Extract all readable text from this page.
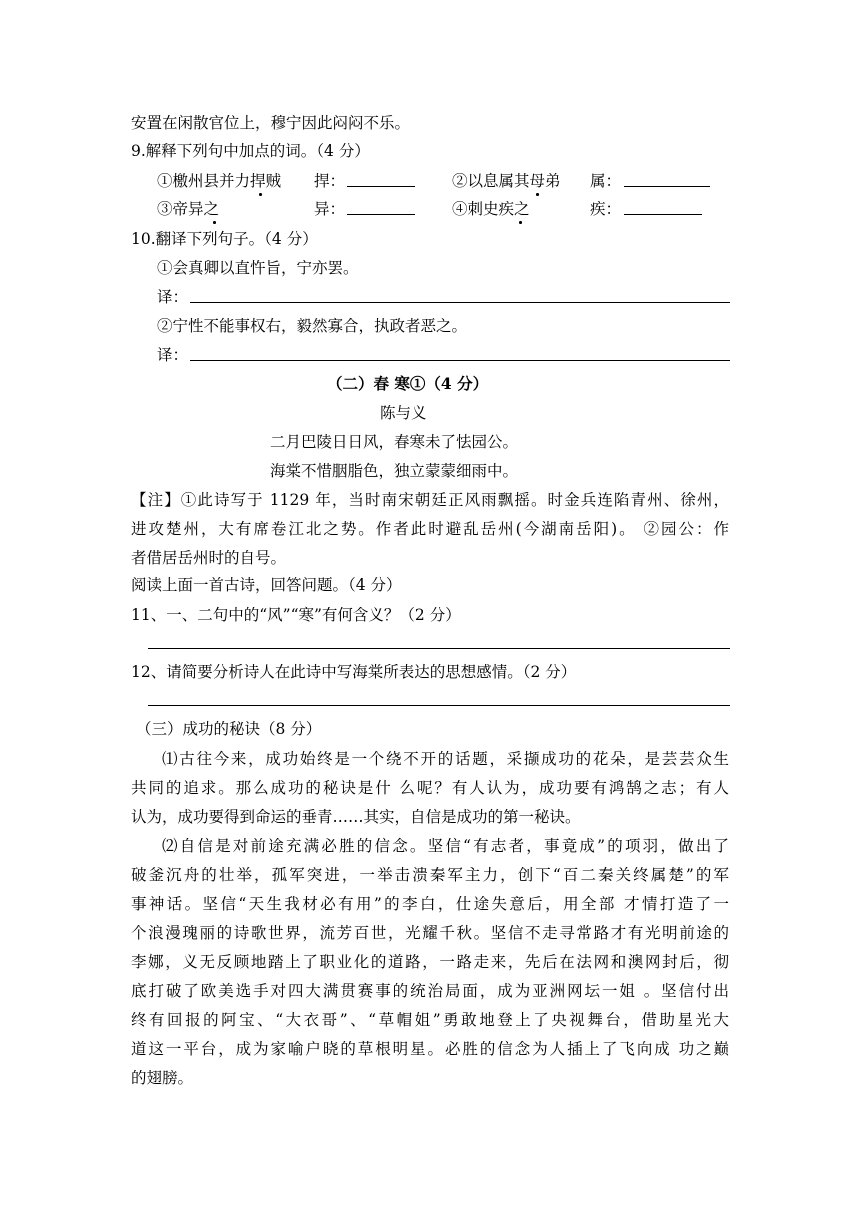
安置在闲散官位上，穆宁因此闷闷不乐。
9.解释下列句中加点的词。（4 分）
①檄州县并力捍贼 捍：	②以息属其母弟 属：
③帝异之	异：	④刺史疾之	疾：
10.翻译下列句子。（4 分）
①会真卿以直忤旨，宁亦罢。
译：
②宁性不能事权右，毅然寡合，执政者恶之。
译：
（二）春 寒①（4 分）
陈与义
二月巴陵日日风，春寒未了怯园公。
海棠不惜胭脂色，独立蒙蒙细雨中。
【注】①此诗写于 1129 年，当时南宋朝廷正风雨飘摇。时金兵连陷青州、徐州，
进攻楚州，大有席卷江北之势。作者此时避乱岳州(今湖南岳阳)。 ②园公：作
者借居岳州时的自号。
阅读上面一首古诗，回答问题。（4 分）
11、一、二句中的“风”“寒”有何含义？（2 分）
12、请简要分析诗人在此诗中写海棠所表达的思想感情。（2 分）
（三）成功的秘诀（8 分）
⑴古往今来，成功始终是一个绕不开的话题，采撷成功的花朵，是芸芸众生
共同的追求。那么成功的秘诀是什 么呢？有人认为，成功要有鸿鹄之志；有人
认为，成功要得到命运的垂青……其实，自信是成功的第一秘诀。
⑵自信是对前途充满必胜的信念。坚信“有志者，事竟成”的项羽，做出了
破釜沉舟的壮举，孤军突进，一举击溃秦军主力，创下“百二秦关终属楚”的军
事神话。坚信“天生我材必有用”的李白，仕途失意后，用全部 才情打造了一
个浪漫瑰丽的诗歌世界，流芳百世，光耀千秋。坚信不走寻常路才有光明前途的
李娜，义无反顾地踏上了职业化的道路，一路走来，先后在法网和澳网封后，彻
底打破了欧美选手对四大满贯赛事的统治局面，成为亚洲网坛一姐 。坚信付出
终有回报的阿宝、“大衣哥”、“草帽姐”勇敢地登上了央视舞台，借助星光大
道这一平台，成为家喻户晓的草根明星。必胜的信念为人插上了飞向成 功之巅
的翅膀。
